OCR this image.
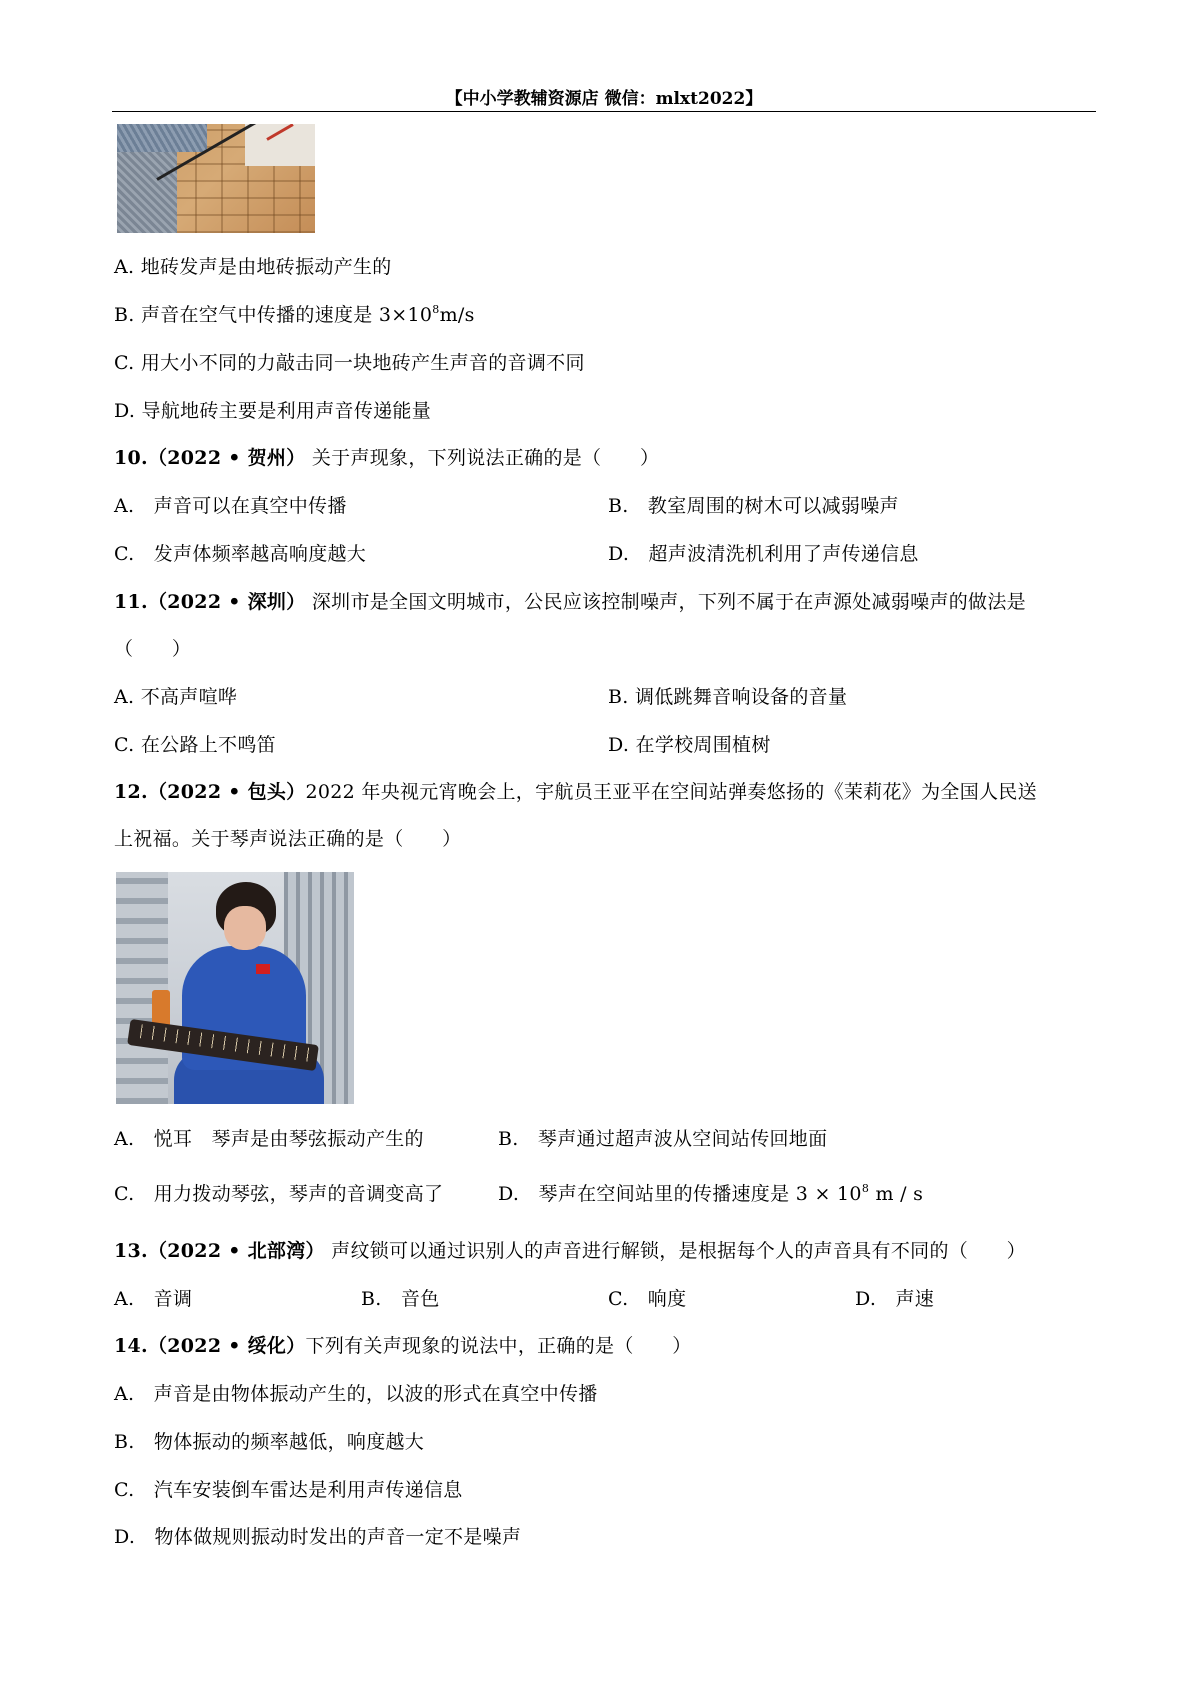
【中小学教辅资源店 微信：mlxt2022】
A. 地砖发声是由地砖振动产生的
B. 声音在空气中传播的速度是 $3\times 10^8m/s$
C. 用大小不同的力敲击同一块地砖产生声音的音调不同
D. 导航地砖主要是利用声音传递能量
10.（2022 • 贺州） 关于声现象，下列说法正确的是（　　）
A.　声音可以在真空中传播	B.　教室周围的树木可以减弱噪声
C.　发声体频率越高响度越大	D.　超声波清洗机利用了声传递信息
11.（2022 • 深圳） 深圳市是全国文明城市，公民应该控制噪声，下列不属于在声源处减弱噪声的做法是
（　　）
A. 不高声喧哗	B. 调低跳舞音响设备的音量
C. 在公路上不鸣笛	D. 在学校周围植树
12.（2022 • 包头）2022 年央视元宵晚会上，宇航员王亚平在空间站弹奏悠扬的《茉莉花》为全国人民送
上祝福。关于琴声说法正确的是（　　）
A.　悦耳　琴声是由琴弦振动产生的	B.　琴声通过超声波从空间站传回地面
C.　用力拨动琴弦，琴声的音调变高了	D.　琴声在空间站里的传播速度是 $3 \times 10^8$ m / s
13.（2022 • 北部湾） 声纹锁可以通过识别人的声音进行解锁，是根据每个人的声音具有不同的（　　）
A.　音调	B.　音色	C.　响度	D.　声速
14.（2022 • 绥化）下列有关声现象的说法中，正确的是（　　）
A.　声音是由物体振动产生的，以波的形式在真空中传播
B.　物体振动的频率越低，响度越大
C.　汽车安装倒车雷达是利用声传递信息
D.　物体做规则振动时发出的声音一定不是噪声
